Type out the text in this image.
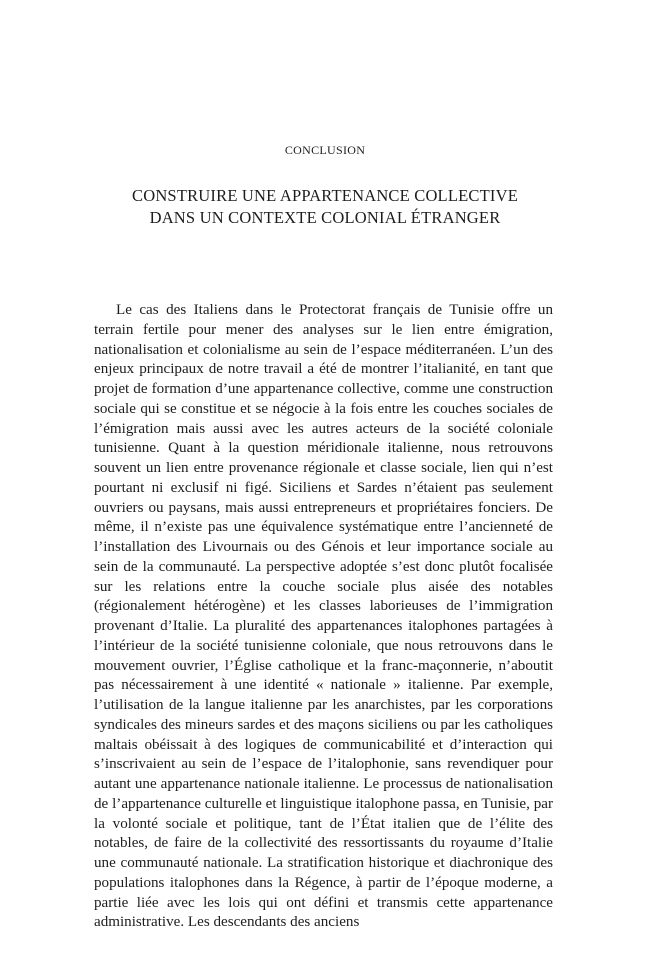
CONCLUSION
CONSTRUIRE UNE APPARTENANCE COLLECTIVE
DANS UN CONTEXTE COLONIAL ÉTRANGER

Le cas des Italiens dans le Protectorat français de Tunisie offre un terrain fertile pour mener des analyses sur le lien entre émigration, nationalisation et colonialisme au sein de l’espace méditerranéen. L’un des enjeux principaux de notre travail a été de montrer l’italianité, en tant que projet de formation d’une appartenance collective, comme une construction sociale qui se constitue et se négocie à la fois entre les couches sociales de l’émigration mais aussi avec les autres acteurs de la société coloniale tunisienne. Quant à la question méridionale italienne, nous retrouvons souvent un lien entre provenance régionale et classe sociale, lien qui n’est pourtant ni exclusif ni figé. Siciliens et Sardes n’étaient pas seulement ouvriers ou paysans, mais aussi entrepreneurs et propriétaires fonciers. De même, il n’existe pas une équivalence systématique entre l’ancienneté de l’installation des Livournais ou des Génois et leur importance sociale au sein de la communauté. La perspective adoptée s’est donc plutôt focalisée sur les relations entre la couche sociale plus aisée des notables (régionalement hétérogène) et les classes laborieuses de l’immigration provenant d’Italie. La pluralité des appartenances italophones partagées à l’intérieur de la société tunisienne coloniale, que nous retrouvons dans le mouvement ouvrier, l’Église catholique et la franc-maçonnerie, n’aboutit pas nécessairement à une identité « nationale » italienne. Par exemple, l’utilisation de la langue italienne par les anarchistes, par les corporations syndicales des mineurs sardes et des maçons siciliens ou par les catholiques maltais obéissait à des logiques de communicabilité et d’interaction qui s’inscrivaient au sein de l’espace de l’italophonie, sans revendiquer pour autant une appartenance nationale italienne. Le processus de nationalisation de l’appartenance culturelle et linguistique italophone passa, en Tunisie, par la volonté sociale et politique, tant de l’État italien que de l’élite des notables, de faire de la collectivité des ressortissants du royaume d’Italie une communauté nationale. La stratification historique et diachronique des populations italophones dans la Régence, à partir de l’époque moderne, a partie liée avec les lois qui ont défini et transmis cette appartenance administrative. Les descendants des anciens
